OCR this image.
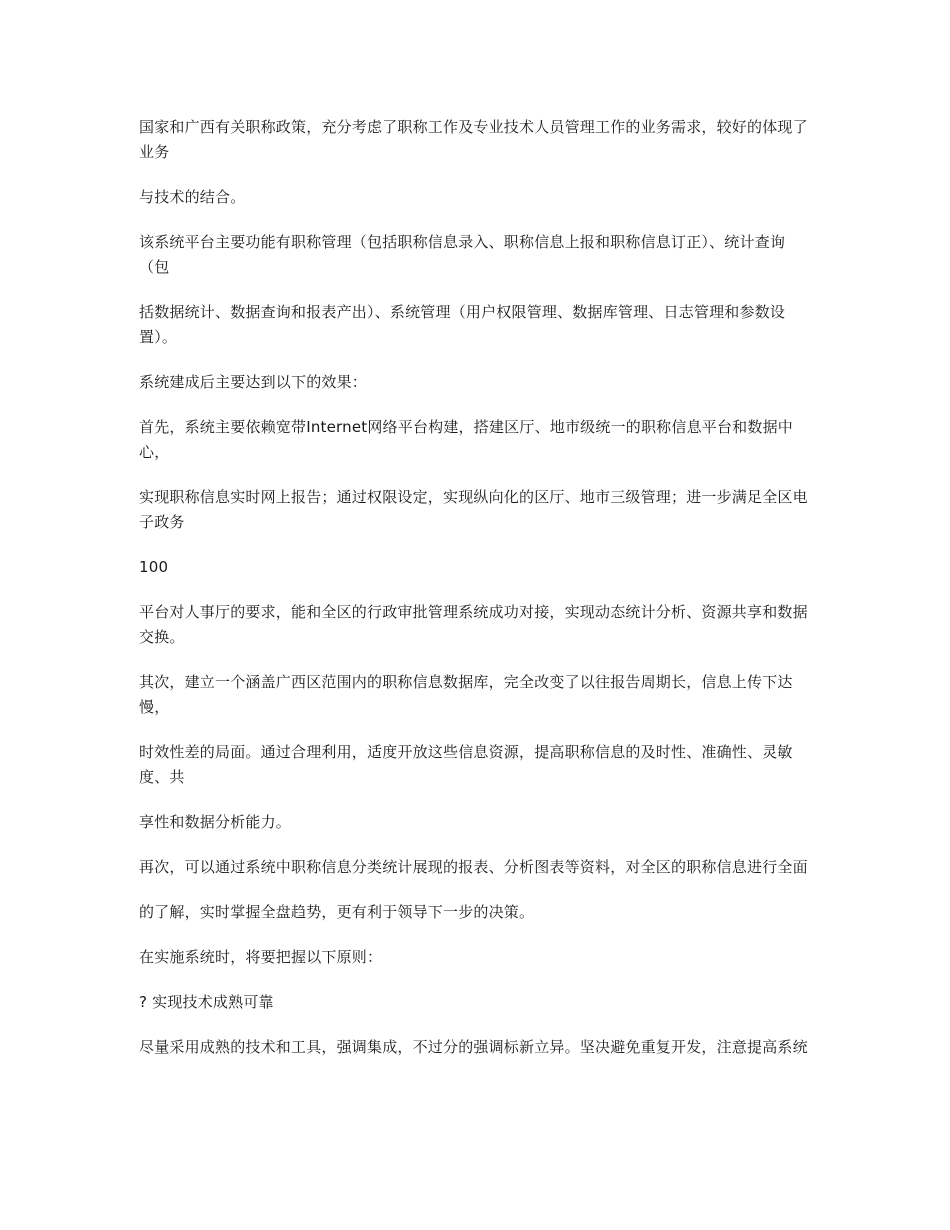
国家和广西有关职称政策，充分考虑了职称工作及专业技术人员管理工作的业务需求，较好的体现了业务

与技术的结合。

该系统平台主要功能有职称管理（包括职称信息录入、职称信息上报和职称信息订正）、统计查询（包

括数据统计、数据查询和报表产出）、系统管理（用户权限管理、数据库管理、日志管理和参数设置）。

系统建成后主要达到以下的效果：

首先，系统主要依赖宽带Internet网络平台构建，搭建区厅、地市级统一的职称信息平台和数据中心，

实现职称信息实时网上报告；通过权限设定，实现纵向化的区厅、地市三级管理；进一步满足全区电子政务

100

平台对人事厅的要求，能和全区的行政审批管理系统成功对接，实现动态统计分析、资源共享和数据交换。

其次，建立一个涵盖广西区范围内的职称信息数据库，完全改变了以往报告周期长，信息上传下达慢，

时效性差的局面。通过合理利用，适度开放这些信息资源，提高职称信息的及时性、准确性、灵敏度、共

享性和数据分析能力。

再次，可以通过系统中职称信息分类统计展现的报表、分析图表等资料，对全区的职称信息进行全面

的了解，实时掌握全盘趋势，更有利于领导下一步的决策。

在实施系统时，将要把握以下原则：

? 实现技术成熟可靠

尽量采用成熟的技术和工具，强调集成，不过分的强调标新立异。坚决避免重复开发，注意提高系统
